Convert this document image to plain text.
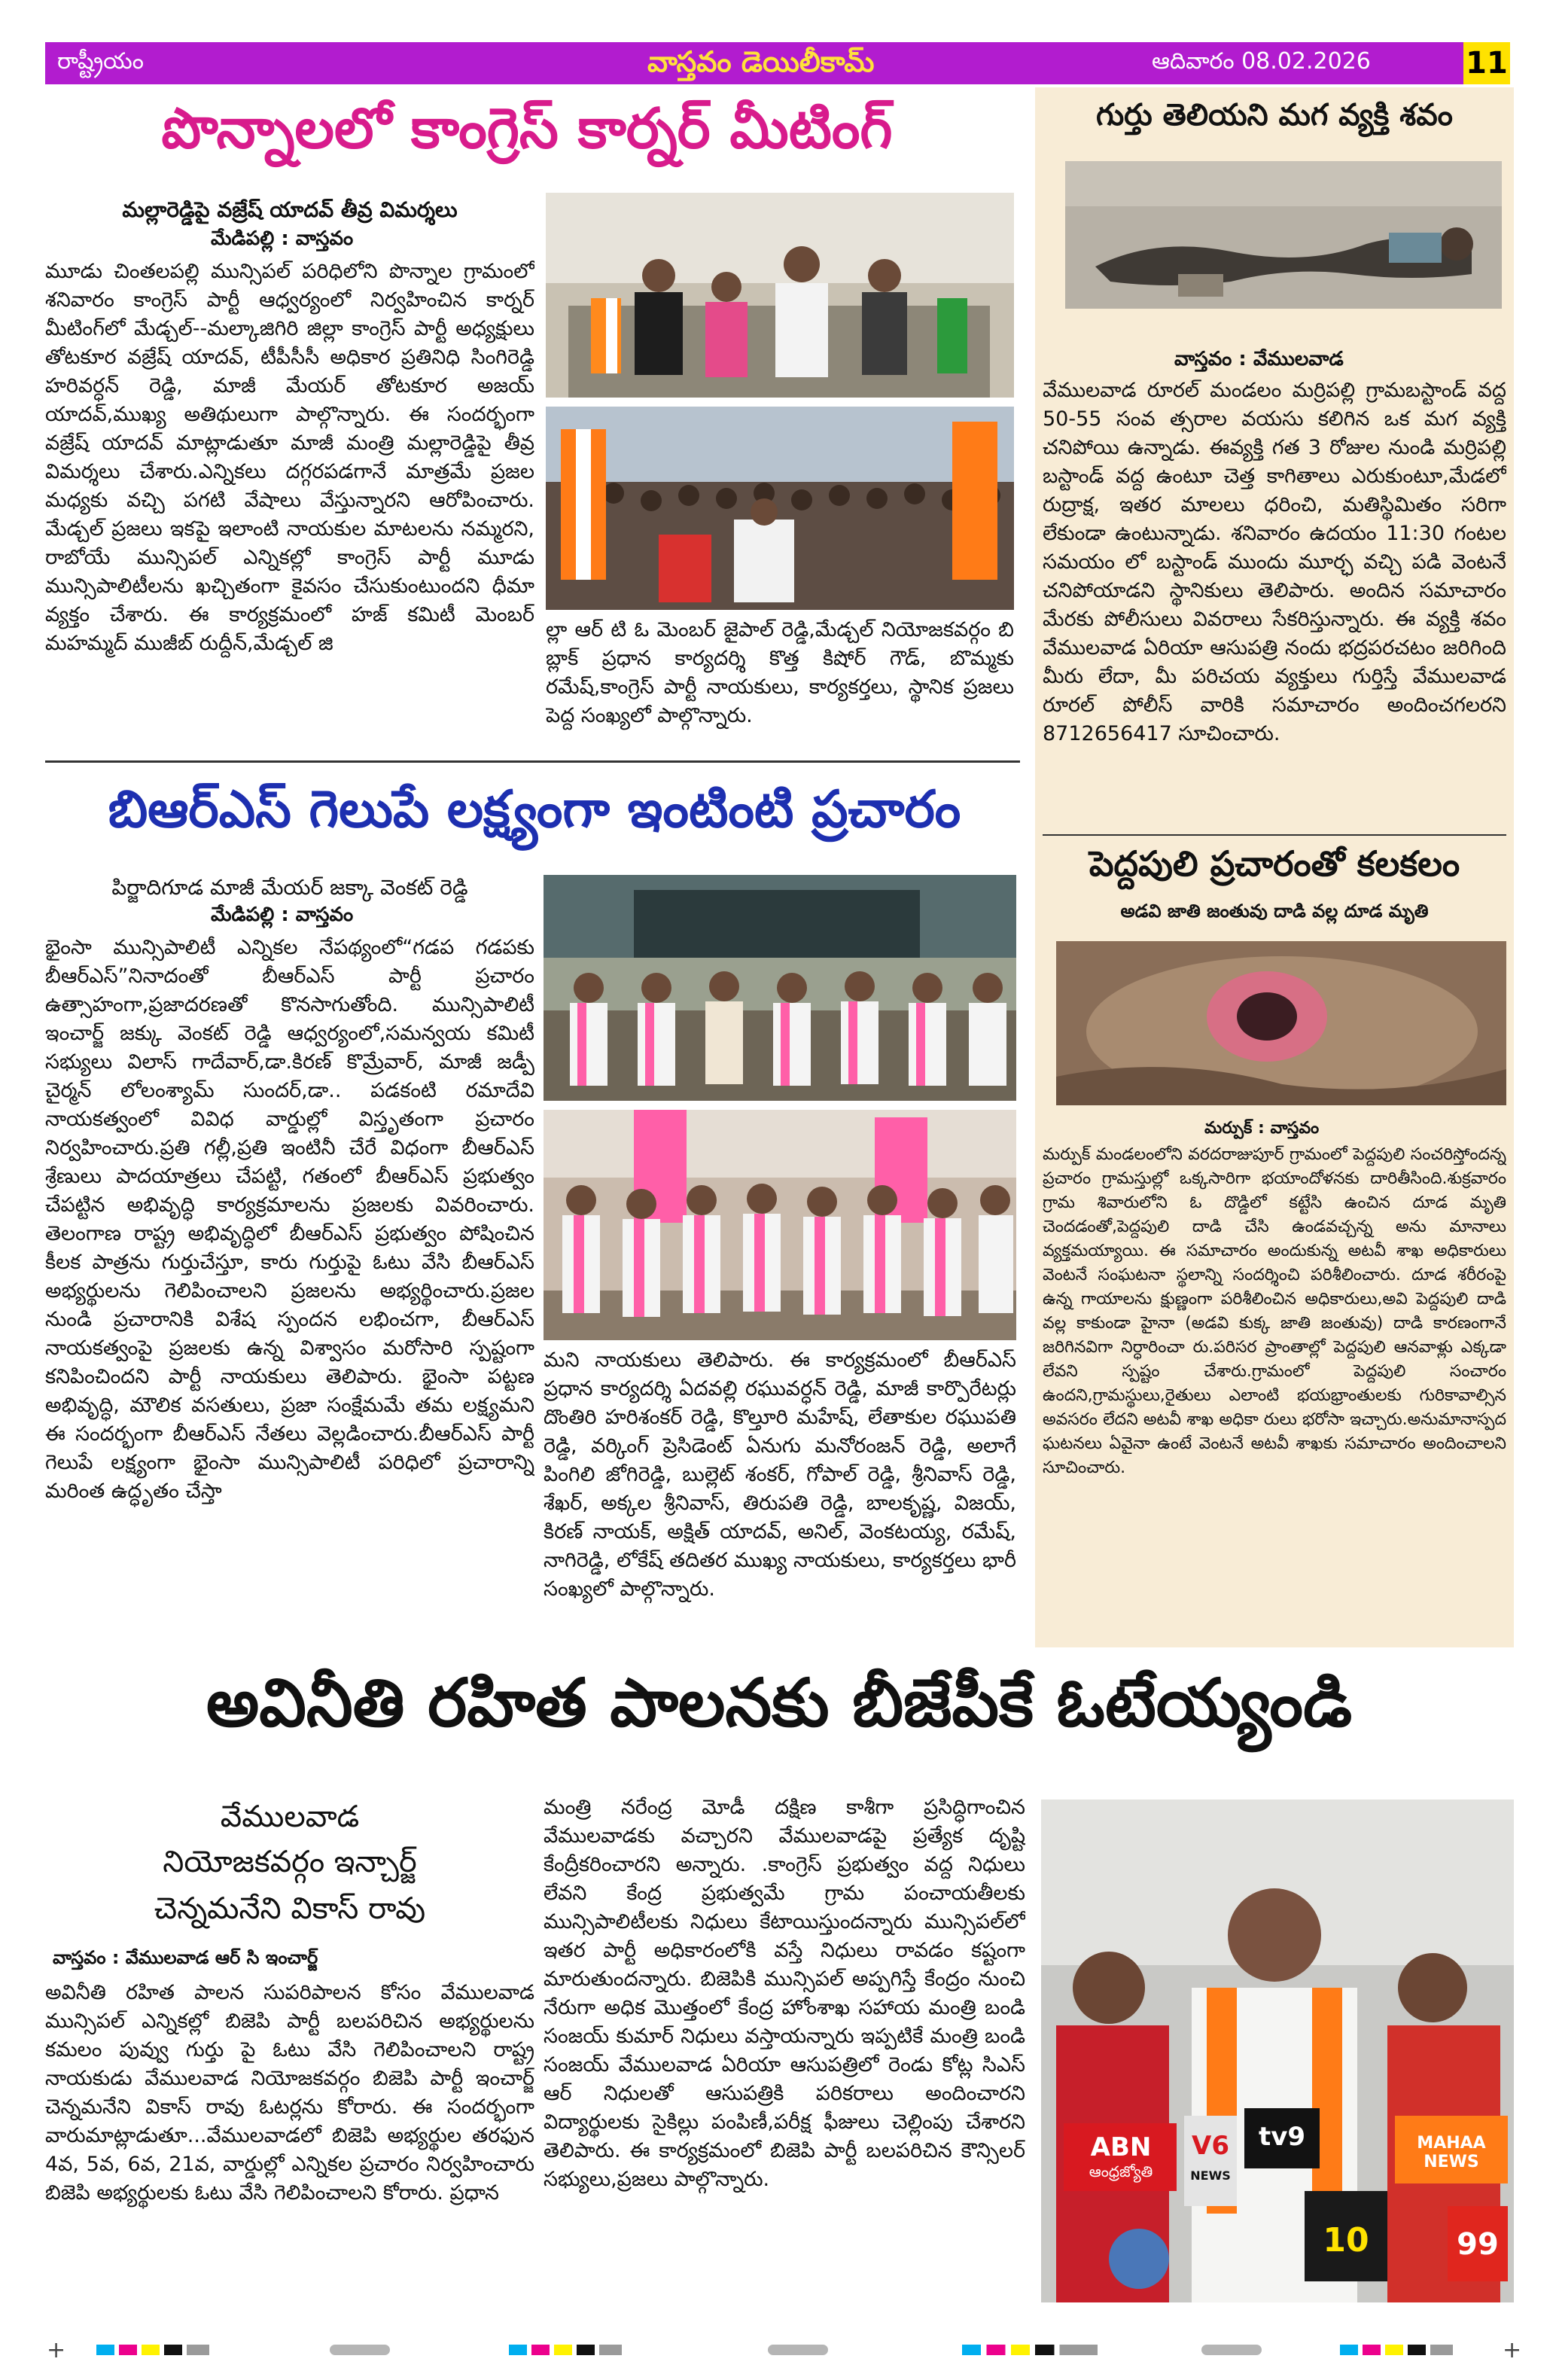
రాష్ట్రీయం	వాస్తవం డెయిలీకామ్	ఆదివారం 08.02.2026	11
పొన్నాలలో కాంగ్రెస్ కార్నర్ మీటింగ్
మల్లారెడ్డిపై వజ్రేష్ యాదవ్ తీవ్ర విమర్శలు
మేడిపల్లి : వాస్తవం
మూడు చింతలపల్లి మున్సిపల్ పరిధిలోని పొన్నాల గ్రామంలో శనివారం కాంగ్రెస్ పార్టీ ఆధ్వర్యంలో నిర్వహించిన కార్నర్ మీటింగ్‌లో మేడ్చల్--మల్కాజిగిరి జిల్లా కాంగ్రెస్ పార్టీ అధ్యక్షులు తోటకూర వజ్రేష్ యాదవ్, టీపీసీసీ అధికార ప్రతినిధి సింగిరెడ్డి హరివర్ధన్ రెడ్డి, మాజీ మేయర్ తోటకూర అజయ్ యాదవ్,ముఖ్య అతిథులుగా పాల్గొన్నారు. ఈ సందర్భంగా వజ్రేష్ యాదవ్ మాట్లాడుతూ మాజీ మంత్రి మల్లారెడ్డిపై తీవ్ర విమర్శలు చేశారు.ఎన్నికలు దగ్గరపడగానే మాత్రమే ప్రజల మధ్యకు వచ్చి పగటి వేషాలు వేస్తున్నారని ఆరోపించారు. మేడ్చల్ ప్రజలు ఇకపై ఇలాంటి నాయకుల మాటలను నమ్మరని, రాబోయే మున్సిపల్ ఎన్నికల్లో కాంగ్రెస్ పార్టీ మూడు మున్సిపాలిటీలను ఖచ్చితంగా కైవసం చేసుకుంటుందని ధీమా వ్యక్తం చేశారు. ఈ కార్యక్రమంలో హజ్ కమిటీ మెంబర్ మహమ్మద్ ముజీబ్ రుద్దీన్,మేడ్చల్ జి
ల్లా ఆర్ టి ఓ మెంబర్ జైపాల్ రెడ్డి,మేడ్చల్ నియోజకవర్గం బి బ్లాక్ ప్రధాన కార్యదర్శి కొత్త కిషోర్ గౌడ్, బొమ్మకు రమేష్,కాంగ్రెస్ పార్టీ నాయకులు, కార్యకర్తలు, స్థానిక ప్రజలు పెద్ద సంఖ్యలో పాల్గొన్నారు.
బిఆర్ఎస్ గెలుపే లక్ష్యంగా ఇంటింటి ప్రచారం
పిర్జాదిగూడ మాజీ మేయర్ జక్కా వెంకట్ రెడ్డి
మేడిపల్లి : వాస్తవం
భైంసా మున్సిపాలిటీ ఎన్నికల నేపథ్యంలో“గడప గడపకు బీఆర్ఎస్”నినాదంతో బీఆర్ఎస్ పార్టీ ప్రచారం ఉత్సాహంగా,ప్రజాదరణతో కొనసాగుతోంది. మున్సిపాలిటీ ఇంచార్జ్ జక్కు వెంకట్ రెడ్డి ఆధ్వర్యంలో,సమన్వయ కమిటీ సభ్యులు విలాస్ గాదేవార్,డా.కిరణ్ కొమ్రేవార్, మాజీ జడ్పీ చైర్మన్ లోలంశ్యామ్ సుందర్,డా.. పడకంటి రమాదేవి నాయకత్వంలో వివిధ వార్డుల్లో విస్తృతంగా ప్రచారం నిర్వహించారు.ప్రతి గల్లీ,ప్రతి ఇంటినీ చేరే విధంగా బీఆర్ఎస్ శ్రేణులు పాదయాత్రలు చేపట్టి, గతంలో బీఆర్ఎస్ ప్రభుత్వం చేపట్టిన అభివృద్ధి కార్యక్రమాలను ప్రజలకు వివరించారు. తెలంగాణ రాష్ట్ర అభివృద్ధిలో బీఆర్ఎస్ ప్రభుత్వం పోషించిన కీలక పాత్రను గుర్తుచేస్తూ, కారు గుర్తుపై ఓటు వేసి బీఆర్ఎస్ అభ్యర్థులను గెలిపించాలని ప్రజలను అభ్యర్థించారు.ప్రజల నుండి ప్రచారానికి విశేష స్పందన లభించగా, బీఆర్ఎస్ నాయకత్వంపై ప్రజలకు ఉన్న విశ్వాసం మరోసారి స్పష్టంగా కనిపించిందని పార్టీ నాయకులు తెలిపారు. భైంసా పట్టణ అభివృద్ధి, మౌలిక వసతులు, ప్రజా సంక్షేమమే తమ లక్ష్యమని ఈ సందర్భంగా బీఆర్ఎస్ నేతలు వెల్లడించారు.బీఆర్ఎస్ పార్టీ గెలుపే లక్ష్యంగా భైంసా మున్సిపాలిటీ పరిధిలో ప్రచారాన్ని మరింత ఉద్ధృతం చేస్తా
మని నాయకులు తెలిపారు. ఈ కార్యక్రమంలో బీఆర్ఎస్ ప్రధాన కార్యదర్శి ఏదవల్లి రఘువర్ధన్ రెడ్డి, మాజీ కార్పొరేటర్లు దొంతిరి హరిశంకర్ రెడ్డి, కొల్తూరి మహేష్, లేతాకుల రఘుపతి రెడ్డి, వర్కింగ్ ప్రెసిడెంట్ ఏనుగు మనోరంజన్ రెడ్డి, అలాగే పింగిలి జోగిరెడ్డి, బుల్లెట్ శంకర్, గోపాల్ రెడ్డి, శ్రీనివాస్ రెడ్డి, శేఖర్, అక్కల శ్రీనివాస్, తిరుపతి రెడ్డి, బాలకృష్ణ, విజయ్, కిరణ్ నాయక్, అక్షిత్ యాదవ్, అనిల్, వెంకటయ్య, రమేష్, నాగిరెడ్డి, లోకేష్ తదితర ముఖ్య నాయకులు, కార్యకర్తలు భారీ సంఖ్యలో పాల్గొన్నారు.
గుర్తు తెలియని మగ వ్యక్తి శవం
వాస్తవం : వేములవాడ
వేములవాడ రూరల్ మండలం మర్రిపల్లి గ్రామబస్టాండ్ వద్ద 50-55 సంవ త్సరాల వయసు కలిగిన ఒక మగ వ్యక్తి చనిపోయి ఉన్నాడు. ఈవ్యక్తి గత 3 రోజుల నుండి మర్రిపల్లి బస్టాండ్ వద్ద ఉంటూ చెత్త కాగితాలు ఎరుకుంటూ,మేడలో రుద్రాక్ష, ఇతర మాలలు ధరించి, మతిస్థిమితం సరిగా లేకుండా ఉంటున్నాడు. శనివారం ఉదయం 11:30 గంటల సమయం లో బస్టాండ్ ముందు మూర్ఛ వచ్చి పడి వెంటనే చనిపోయాడని స్థానికులు తెలిపారు. అందిన సమాచారం మేరకు పోలీసులు వివరాలు సేకరిస్తున్నారు. ఈ వ్యక్తి శవం వేములవాడ ఏరియా ఆసుపత్రి నందు భద్రపరచటం జరిగింది మీరు లేదా, మీ పరిచయ వ్యక్తులు గుర్తిస్తే వేములవాడ రూరల్ పోలీస్ వారికి సమాచారం అందించగలరని 8712656417 సూచించారు.
పెద్దపులి ప్రచారంతో కలకలం
అడవి జాతి జంతువు దాడి వల్ల దూడ మృతి
మర్పుక్ : వాస్తవం
మర్పుక్ మండలంలోని వరదరాజుపూర్ గ్రామంలో పెద్దపులి సంచరిస్తోందన్న ప్రచారం గ్రామస్తుల్లో ఒక్కసారిగా భయాందోళనకు దారితీసింది.శుక్రవారం గ్రామ శివారులోని ఓ దొడ్డిలో కట్టేసి ఉంచిన దూడ మృతి చెందడంతో,పెద్దపులి దాడి చేసి ఉండవచ్చన్న అను మానాలు వ్యక్తమయ్యాయి. ఈ సమాచారం అందుకున్న అటవీ శాఖ అధికారులు వెంటనే సంఘటనా స్థలాన్ని సందర్శించి పరిశీలించారు. దూడ శరీరంపై ఉన్న గాయాలను క్షుణ్ణంగా పరిశీలించిన అధికారులు,అవి పెద్దపులి దాడి వల్ల కాకుండా హైనా (అడవి కుక్క జాతి జంతువు) దాడి కారణంగానే జరిగినవిగా నిర్ధారించా రు.పరిసర ప్రాంతాల్లో పెద్దపులి ఆనవాళ్లు ఎక్కడా లేవని స్పష్టం చేశారు.గ్రామంలో పెద్దపులి సంచారం ఉందని,గ్రామస్థులు,రైతులు ఎలాంటి భయభ్రాంతులకు గురికావాల్సిన అవసరం లేదని అటవీ శాఖ అధికా రులు భరోసా ఇచ్చారు.అనుమానాస్పద ఘటనలు ఏవైనా ఉంటే వెంటనే అటవీ శాఖకు సమాచారం అందించాలని సూచించారు.
అవినీతి రహిత పాలనకు బీజేపీకే ఓటేయ్యండి
వేములవాడ
నియోజకవర్గం ఇన్చార్జ్
చెన్నమనేని వికాస్ రావు
వాస్తవం : వేములవాడ ఆర్ సి ఇంచార్జ్
అవినీతి రహిత పాలన సుపరిపాలన కోసం వేములవాడ మున్సిపల్ ఎన్నికల్లో బిజెపి పార్టీ బలపరిచిన అభ్యర్థులను కమలం పువ్వు గుర్తు పై ఓటు వేసి గెలిపించాలని రాష్ట్ర నాయకుడు వేములవాడ నియోజకవర్గం బిజెపి పార్టీ ఇంచార్జ్ చెన్నమనేని వికాస్ రావు ఓటర్లను కోరారు. ఈ సందర్భంగా వారుమాట్లాడుతూ...వేములవాడలో బిజెపి అభ్యర్థుల తరఫున 4వ, 5వ, 6వ, 21వ, వార్డుల్లో ఎన్నికల ప్రచారం నిర్వహించారు బిజెపి అభ్యర్థులకు ఓటు వేసి గెలిపించాలని కోరారు. ప్రధాన
మంత్రి నరేంద్ర మోడీ దక్షిణ కాశీగా ప్రసిద్ధిగాంచిన వేములవాడకు వచ్చారని వేములవాడపై ప్రత్యేక దృష్టి కేంద్రీకరించారని అన్నారు. .కాంగ్రెస్ ప్రభుత్వం వద్ద నిధులు లేవని కేంద్ర ప్రభుత్వమే గ్రామ పంచాయతీలకు మున్సిపాలిటీలకు నిధులు కేటాయిస్తుందన్నారు మున్సిపల్‌లో ఇతర పార్టీ అధికారంలోకి వస్తే నిధులు రావడం కష్టంగా మారుతుందన్నారు. బిజెపికి మున్సిపల్ అప్పగిస్తే కేంద్రం నుంచి నేరుగా అధిక మొత్తంలో కేంద్ర హోంశాఖ సహాయ మంత్రి బండి సంజయ్ కుమార్ నిధులు వస్తాయన్నారు ఇప్పటికే మంత్రి బండి సంజయ్ వేములవాడ ఏరియా ఆసుపత్రిలో రెండు కోట్ల సిఎస్ ఆర్ నిధులతో ఆసుపత్రికి పరికరాలు అందించారని విద్యార్థులకు సైకిల్లు పంపిణీ,పరీక్ష ఫీజులు చెల్లింపు చేశారని తెలిపారు. ఈ కార్యక్రమంలో బిజెపి పార్టీ బలపరిచిన కౌన్సిలర్ సభ్యులు,ప్రజలు పాల్గొన్నారు.
ABN
ఆంధ్రజ్యోతి
V6
NEWS
tv9	MAHAA NEWS
10	99
+	+
